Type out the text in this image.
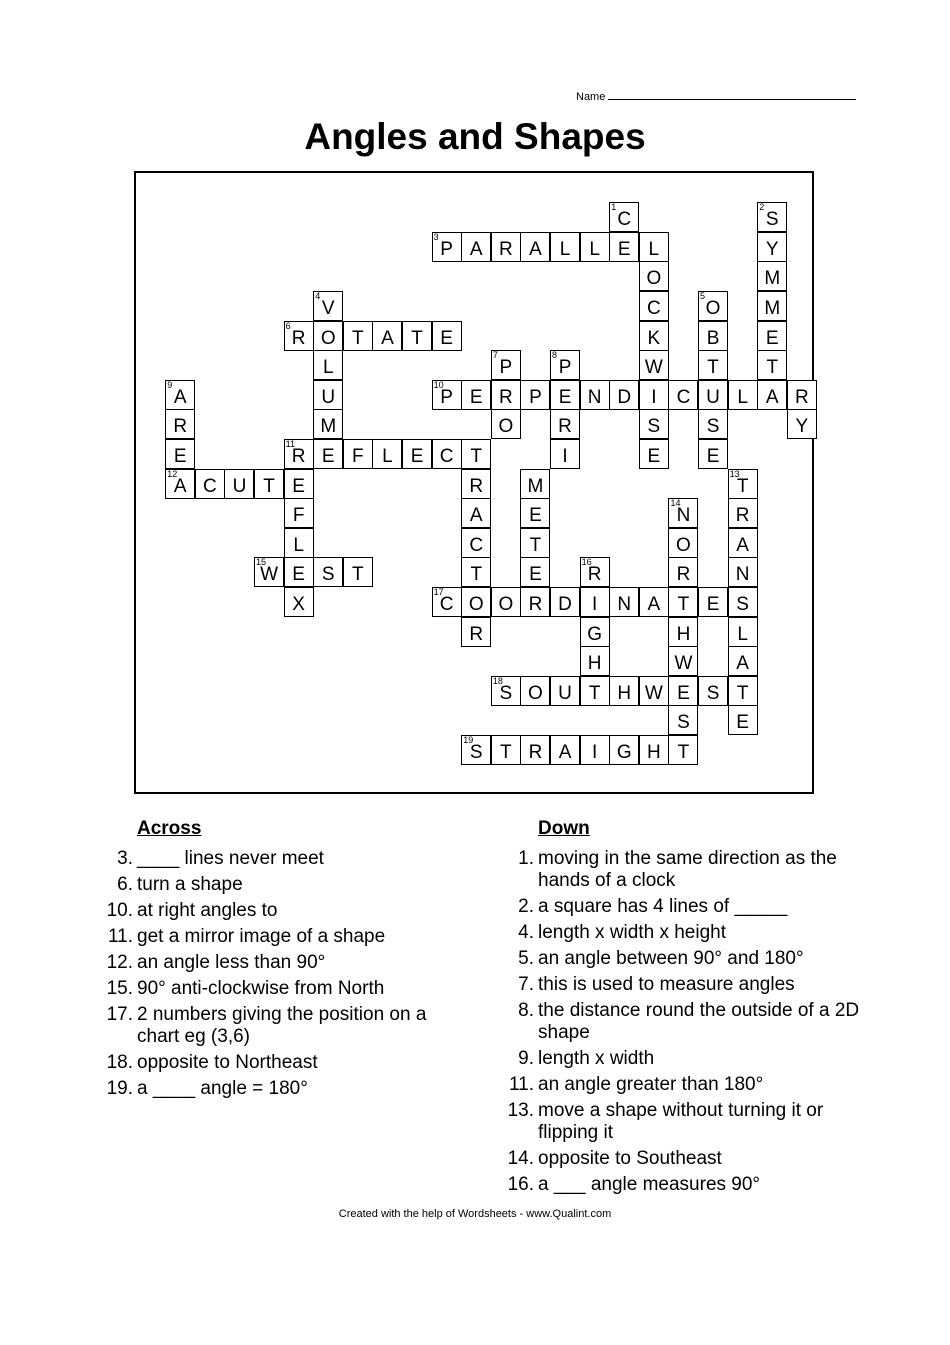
Name
Angles and Shapes
1
C
2
S
3
P A R A L	L E L	Y
O	M
4
V	C
5
O	M
6
R O T A T E	K	B	E
L
7
P
8
P	W	T	T
9
A	U
10
P E R P E N D	I	C U L A R
R	M	O	R	S	S	Y
E
11
R E F L E C T	I	E	E
12
A C U T E	R	M
13
T
F	A	E
14
N	R
L	C	T	O	A
15
W E S T	T	E
16
R	R	N
X
17
C O O R D	I	N A T E S
R	G	H	L
H	W	A
18
S O U T H W E S T
S	E
19
S T R A	I	G H T
Across
3. ____ lines never meet
6. turn a shape
10. at right angles to
11. get a mirror image of a shape
12. an angle less than 90°
15. 90° anti-clockwise from North
17. 2 numbers giving the position on a chart eg (3,6)
18. opposite to Northeast
19. a ____ angle = 180°
Down
1. moving in the same direction as the hands of a clock
2. a square has 4 lines of _____
4. length x width x height
5. an angle between 90° and 180°
7. this is used to measure angles
8. the distance round the outside of a 2D shape
9. length x width
11. an angle greater than 180°
13. move a shape without turning it or flipping it
14. opposite to Southeast
16. a ___ angle measures 90°
Created with the help of Wordsheets - www.Qualint.com
